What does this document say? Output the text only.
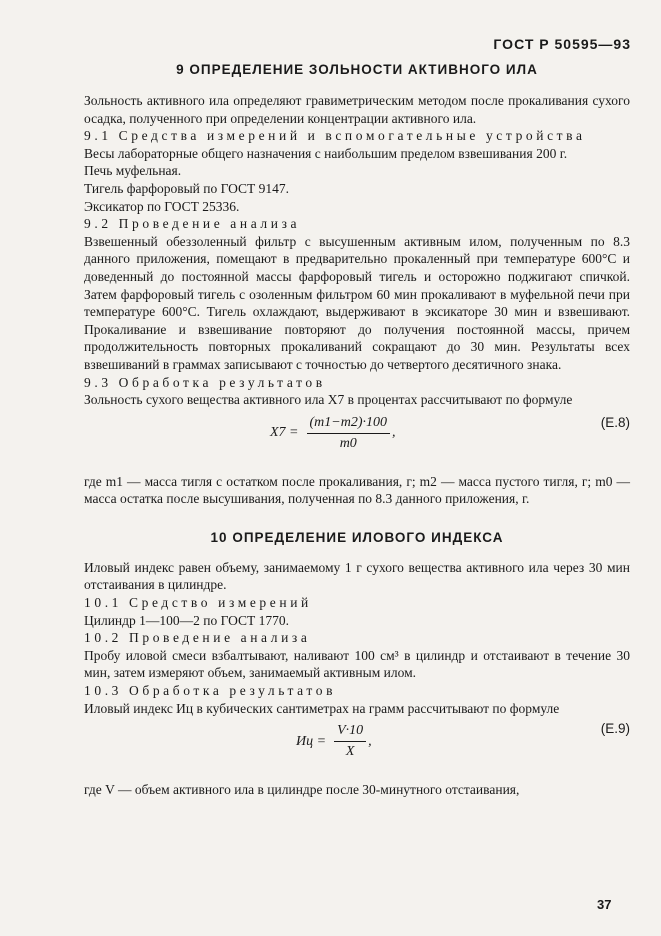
ГОСТ Р 50595—93
9 ОПРЕДЕЛЕНИЕ ЗОЛЬНОСТИ АКТИВНОГО ИЛА

Зольность активного ила определяют гравиметрическим методом после прокаливания сухого осадка, полученного при определении концентрации активного ила.

9.1 Средства измерений и вспомогательные устройства

Весы лабораторные общего назначения с наибольшим пределом взвешивания 200 г.

Печь муфельная.

Тигель фарфоровый по ГОСТ 9147.

Эксикатор по ГОСТ 25336.

9.2 Проведение анализа

Взвешенный обеззоленный фильтр с высушенным активным илом, полученным по 8.3 данного приложения, помещают в предварительно прокаленный при температуре 600°С и доведенный до постоянной массы фарфоровый тигель и осторожно поджигают спичкой. Затем фарфоровый тигель с озоленным фильтром 60 мин прокаливают в муфельной печи при температуре 600°С. Тигель охлаждают, выдерживают в эксикаторе 30 мин и взвешивают. Прокаливание и взвешивание повторяют до получения постоянной массы, причем продолжительность повторных прокаливаний сокращают до 30 мин. Результаты всех взвешиваний в граммах записывают с точностью до четвертого десятичного знака.

9.3 Обработка результатов

Зольность сухого вещества активного ила X7 в процентах рассчитывают по формуле

$X7 = \frac{(m1-m2)\cdot 100}{m0}$ ,
(Е.8)

где m1 — масса тигля с остатком после прокаливания, г; m2 — масса пустого тигля, г; m0 — масса остатка после высушивания, полученная по 8.3 данного приложения, г.

10 ОПРЕДЕЛЕНИЕ ИЛОВОГО ИНДЕКСА

Иловый индекс равен объему, занимаемому 1 г сухого вещества активного ила через 30 мин отстаивания в цилиндре.

10.1 Средство измерений

Цилиндр 1—100—2 по ГОСТ 1770.

10.2 Проведение анализа

Пробу иловой смеси взбалтывают, наливают 100 см³ в цилиндр и отстаивают в течение 30 мин, затем измеряют объем, занимаемый активным илом.

10.3 Обработка результатов

Иловый индекс Иц в кубических сантиметрах на грамм рассчитывают по формуле

Иц = $\frac{V\cdot 10}{X}$ ,
(Е.9)

где V — объем активного ила в цилиндре после 30-минутного отстаивания,

37
